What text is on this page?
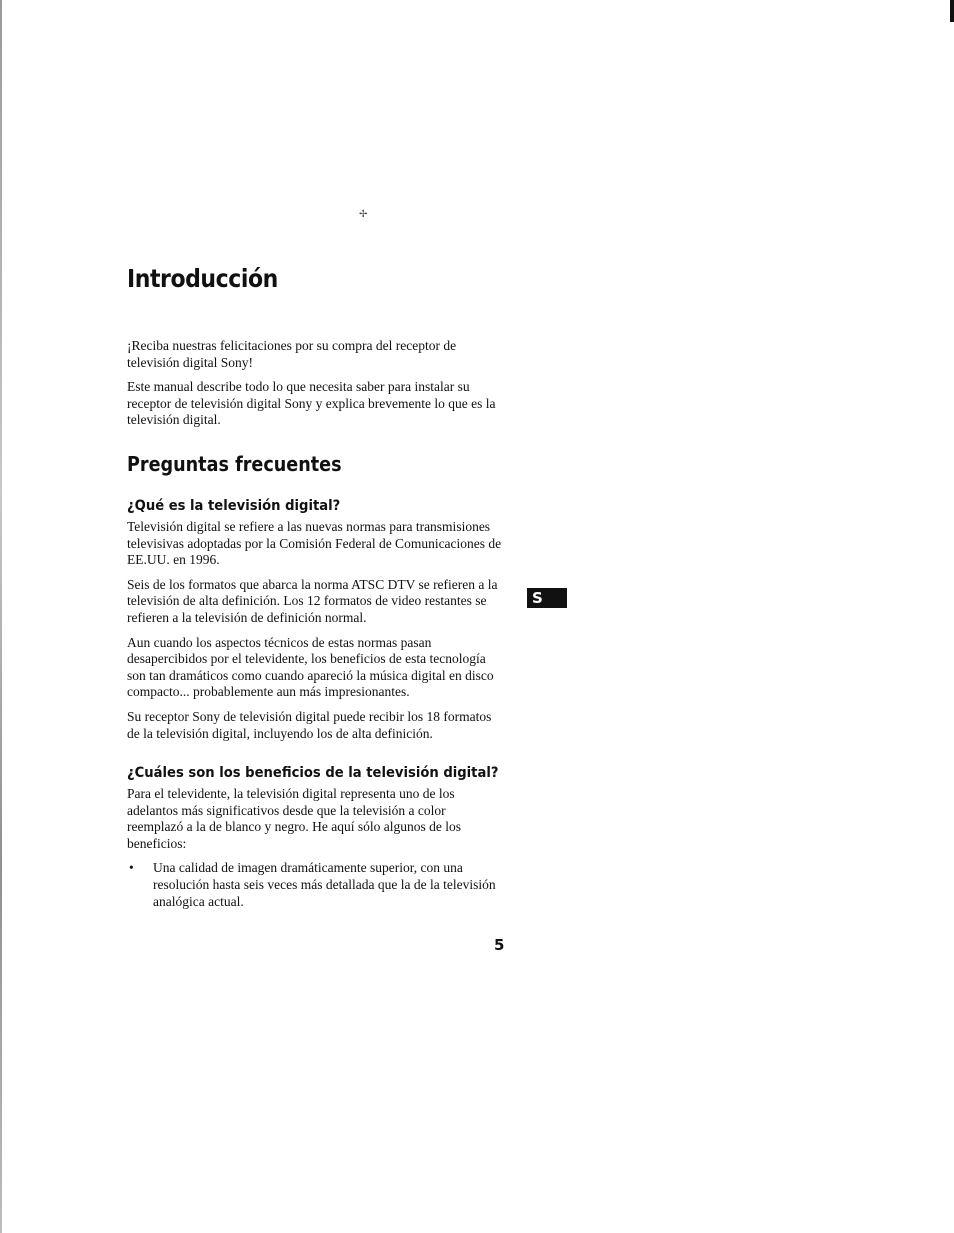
✢
Introducción

¡Reciba nuestras felicitaciones por su compra del receptor de televisión digital Sony!

Este manual describe todo lo que necesita saber para instalar su receptor de televisión digital Sony y explica brevemente lo que es la televisión digital.

Preguntas frecuentes
¿Qué es la televisión digital?

Televisión digital se refiere a las nuevas normas para transmisiones televisivas adoptadas por la Comisión Federal de Comunicaciones de EE.UU. en 1996.

Seis de los formatos que abarca la norma ATSC DTV se refieren a la televisión de alta definición. Los 12 formatos de video restantes se refieren a la televisión de definición normal.

Aun cuando los aspectos técnicos de estas normas pasan desapercibidos por el televidente, los beneficios de esta tecnología son tan dramáticos como cuando apareció la música digital en disco compacto... probablemente aun más impresionantes.

Su receptor Sony de televisión digital puede recibir los 18 formatos de la televisión digital, incluyendo los de alta definición.

¿Cuáles son los beneficios de la televisión digital?

Para el televidente, la televisión digital representa uno de los adelantos más significativos desde que la televisión a color reemplazó a la de blanco y negro. He aquí sólo algunos de los beneficios:

• Una calidad de imagen dramáticamente superior, con una resolución hasta seis veces más detallada que la de la televisión analógica actual.
S
5
